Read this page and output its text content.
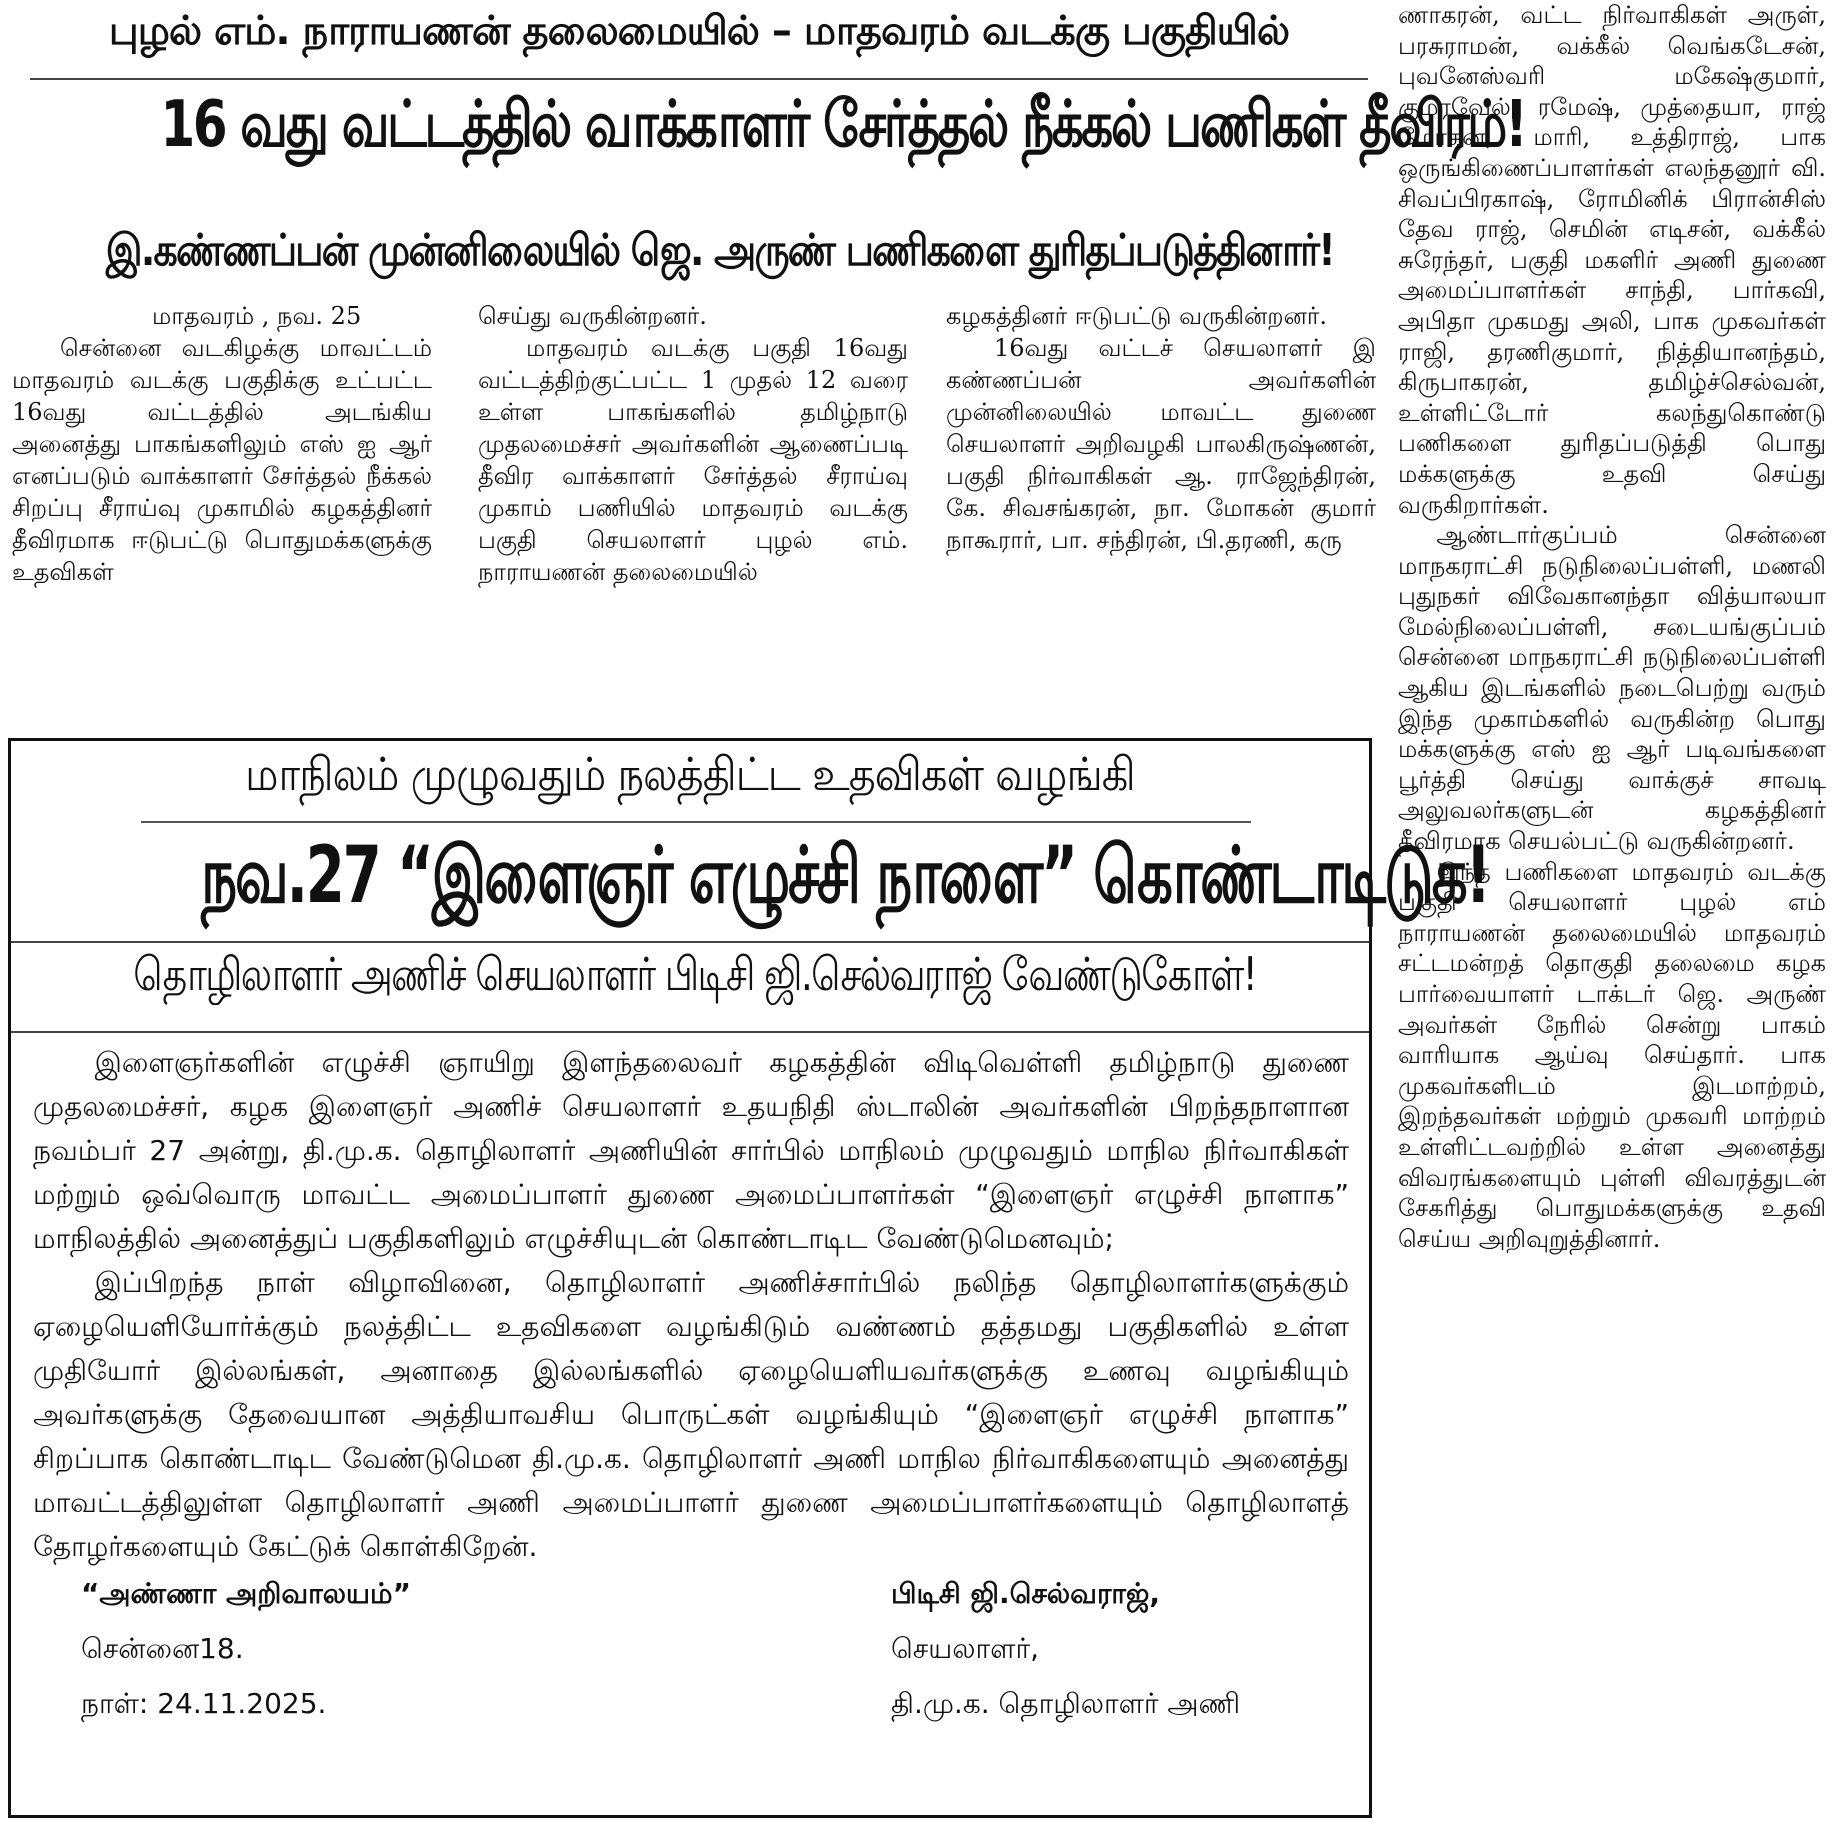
புழல் எம். நாராயணன் தலைமையில் – மாதவரம் வடக்கு பகுதியில்
16 வது வட்டத்தில் வாக்காளர் சேர்த்தல் நீக்கல் பணிகள் தீவிரம்!
இ.கண்ணப்பன் முன்னிலையில் ஜெ. அருண் பணிகளை துரிதப்படுத்தினார்!
மாதவரம் , நவ. 25

சென்னை வடகிழக்கு மாவட்டம் மாதவரம் வடக்கு பகுதிக்கு உட்பட்ட 16வது வட்டத்தில் அடங்கிய அனைத்து பாகங்களிலும் எஸ் ஐ ஆர் எனப்படும் வாக்காளர் சேர்த்தல் நீக்கல் சிறப்பு சீராய்வு முகாமில் கழகத்தினர் தீவிரமாக ஈடுபட்டு பொதுமக்களுக்கு உதவிகள்

செய்து வருகின்றனர்.

மாதவரம் வடக்கு பகுதி 16வது வட்டத்திற்குட்பட்ட 1 முதல் 12 வரை உள்ள பாகங்களில் தமிழ்நாடு முதலமைச்சர் அவர்களின் ஆணைப்படி தீவிர வாக்காளர் சேர்த்தல் சீராய்வு முகாம் பணியில் மாதவரம் வடக்கு பகுதி செயலாளர் புழல் எம். நாராயணன் தலைமையில்

கழகத்தினர் ஈடுபட்டு வருகின்றனர்.

16வது வட்டச் செயலாளர் இ கண்ணப்பன் அவர்களின் முன்னிலையில் மாவட்ட துணை செயலாளர் அறிவழகி பாலகிருஷ்ணன், பகுதி நிர்வாகிகள் ஆ. ராஜேந்திரன், கே. சிவசங்கரன், நா. மோகன் குமார் நாகூரார், பா. சந்திரன், பி.தரணி, கரு

மாநிலம் முழுவதும் நலத்திட்ட உதவிகள் வழங்கி
நவ.27 “இளைஞர் எழுச்சி நாளை” கொண்டாடிடுக!
தொழிலாளர் அணிச் செயலாளர் பிடிசி ஜி.செல்வராஜ் வேண்டுகோள்!

இளைஞர்களின் எழுச்சி ஞாயிறு இளந்தலைவர் கழகத்தின் விடிவெள்ளி தமிழ்நாடு துணை முதலமைச்சர், கழக இளைஞர் அணிச் செயலாளர் உதயநிதி ஸ்டாலின் அவர்களின் பிறந்தநாளான நவம்பர் 27 அன்று, தி.மு.க. தொழிலாளர் அணியின் சார்பில் மாநிலம் முழுவதும் மாநில நிர்வாகிகள் மற்றும் ஒவ்வொரு மாவட்ட அமைப்பாளர் துணை அமைப்பாளர்கள் “இளைஞர் எழுச்சி நாளாக” மாநிலத்தில் அனைத்துப் பகுதிகளிலும் எழுச்சியுடன் கொண்டாடிட வேண்டுமெனவும்;

இப்பிறந்த நாள் விழாவினை, தொழிலாளர் அணிச்சார்பில் நலிந்த தொழிலாளர்களுக்கும் ஏழையெளியோர்க்கும் நலத்திட்ட உதவிகளை வழங்கிடும் வண்ணம் தத்தமது பகுதிகளில் உள்ள முதியோர் இல்லங்கள், அனாதை இல்லங்களில் ஏழையெளியவர்களுக்கு உணவு வழங்கியும் அவர்களுக்கு தேவையான அத்தியாவசிய பொருட்கள் வழங்கியும் “இளைஞர் எழுச்சி நாளாக” சிறப்பாக கொண்டாடிட வேண்டுமென தி.மு.க. தொழிலாளர் அணி மாநில நிர்வாகிகளையும் அனைத்து மாவட்டத்திலுள்ள தொழிலாளர் அணி அமைப்பாளர் துணை அமைப்பாளர்களையும் தொழிலாளத் தோழர்களையும் கேட்டுக் கொள்கிறேன்.

“அண்ணா அறிவாலயம்”
சென்னை18.
நாள்: 24.11.2025.
பிடிசி ஜி.செல்வராஜ்,
செயலாளர்,
தி.மு.க. தொழிலாளர் அணி

ணாகரன், வட்ட நிர்வாகிகள் அருள், பரசுராமன், வக்கீல் வெங்கடேசன், புவனேஸ்வரி மகேஷ்குமார், குமரவேல், ரமேஷ், முத்தையா, ராஜ் மோகன், மாரி, உத்திராஜ், பாக ஒருங்கிணைப்பாளர்கள் எலந்தனூர் வி. சிவப்பிரகாஷ், ரோமினிக் பிரான்சிஸ் தேவ ராஜ், செமின் எடிசன், வக்கீல் சுரேந்தர், பகுதி மகளிர் அணி துணை அமைப்பாளர்கள் சாந்தி, பார்கவி, அபிதா முகமது அலி, பாக முகவர்கள் ராஜி, தரணிகுமார், நித்தியானந்தம், கிருபாகரன், தமிழ்ச்செல்வன், உள்ளிட்டோர் கலந்துகொண்டு பணிகளை துரிதப்படுத்தி பொது மக்களுக்கு உதவி செய்து வருகிறார்கள்.

ஆண்டார்குப்பம் சென்னை மாநகராட்சி நடுநிலைப்பள்ளி, மணலி புதுநகர் விவேகானந்தா வித்யாலயா மேல்நிலைப்பள்ளி, சடையங்குப்பம் சென்னை மாநகராட்சி நடுநிலைப்பள்ளி ஆகிய இடங்களில் நடைபெற்று வரும் இந்த முகாம்களில் வருகின்ற பொது மக்களுக்கு எஸ் ஐ ஆர் படிவங்களை பூர்த்தி செய்து வாக்குச் சாவடி அலுவலர்களுடன் கழகத்தினர் தீவிரமாக செயல்பட்டு வருகின்றனர்.

இந்த பணிகளை மாதவரம் வடக்கு பகுதி செயலாளர் புழல் எம் நாராயணன் தலைமையில் மாதவரம் சட்டமன்றத் தொகுதி தலைமை கழக பார்வையாளர் டாக்டர் ஜெ. அருண் அவர்கள் நேரில் சென்று பாகம் வாரியாக ஆய்வு செய்தார். பாக முகவர்களிடம் இடமாற்றம், இறந்தவர்கள் மற்றும் முகவரி மாற்றம் உள்ளிட்டவற்றில் உள்ள அனைத்து விவரங்களையும் புள்ளி விவரத்துடன் சேகரித்து பொதுமக்களுக்கு உதவி செய்ய அறிவுறுத்தினார்.
